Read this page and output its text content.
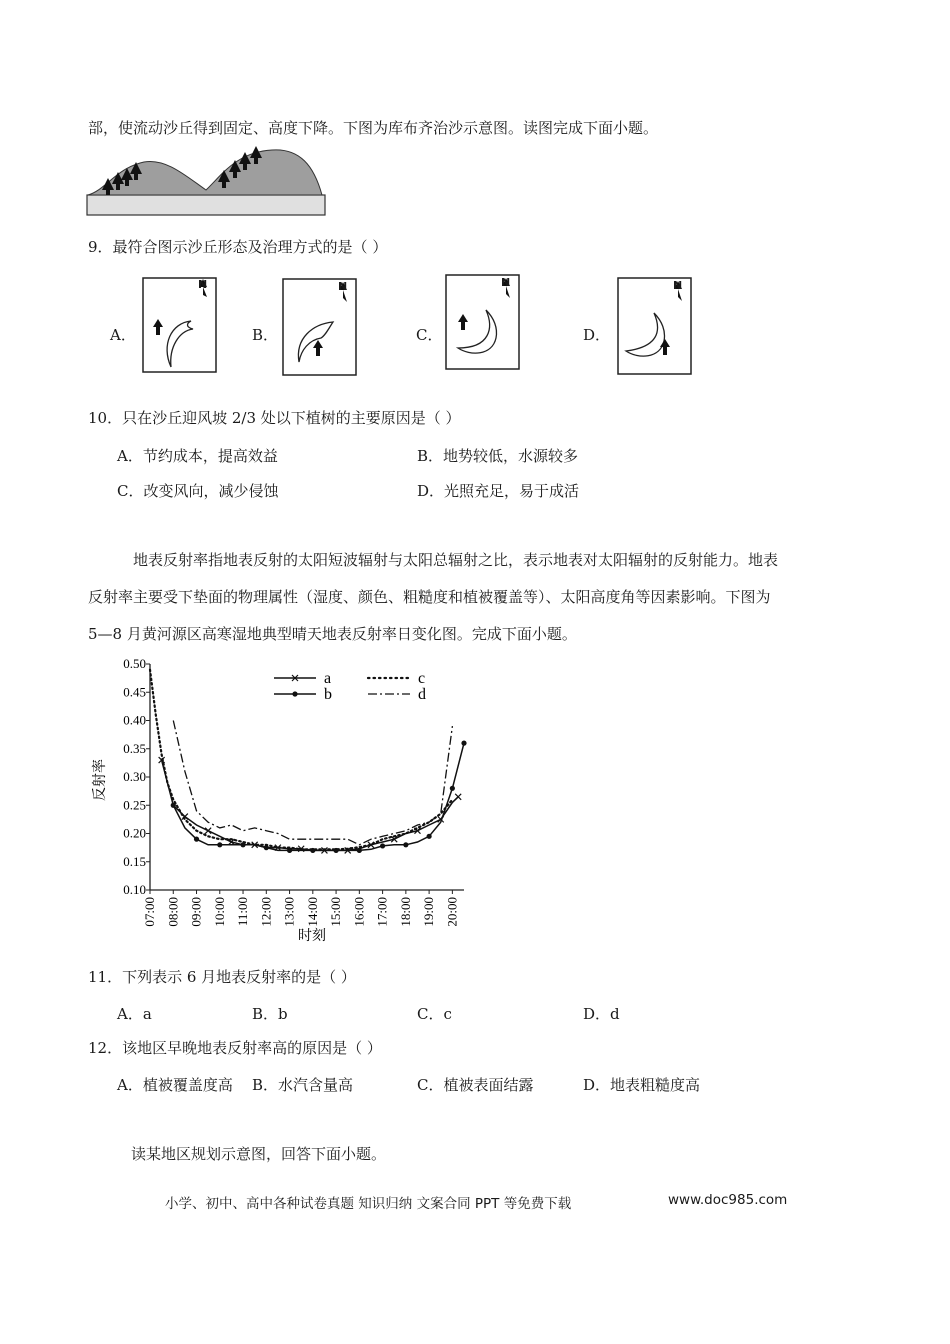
部，使流动沙丘得到固定、高度下降。下图为库布齐治沙示意图。读图完成下面小题。
9．最符合图示沙丘形态及治理方式的是（ ）
A．
N
B．
N
C．
N
D．
N
10．只在沙丘迎风坡 2/3 处以下植树的主要原因是（ ）
A．节约成本，提高效益	B．地势较低，水源较多
C．改变风向，减少侵蚀	D．光照充足，易于成活
地表反射率指地表反射的太阳短波辐射与太阳总辐射之比，表示地表对太阳辐射的反射能力。地表
反射率主要受下垫面的物理属性（湿度、颜色、粗糙度和植被覆盖等）、太阳高度角等因素影响。下图为
5—8 月黄河源区高寒湿地典型晴天地表反射率日变化图。完成下面小题。
0.10
0.15
0.20
0.25
0.30
0.35
0.40
0.45
0.50
07:00 08:00 09:00 10:00 11:00 12:00 13:00 14:00 15:00 16:00 17:00 18:00 19:00 20:00
a
b
c
d
反射率
时刻
11．下列表示 6 月地表反射率的是（ ）
A．a	B．b	C．c	D．d
12．该地区早晚地表反射率高的原因是（ ）
A．植被覆盖度高 B．水汽含量高	C．植被表面结露	D．地表粗糙度高
读某地区规划示意图，回答下面小题。
小学、初中、高中各种试卷真题 知识归纳 文案合同 PPT 等免费下载	www.doc985.com
